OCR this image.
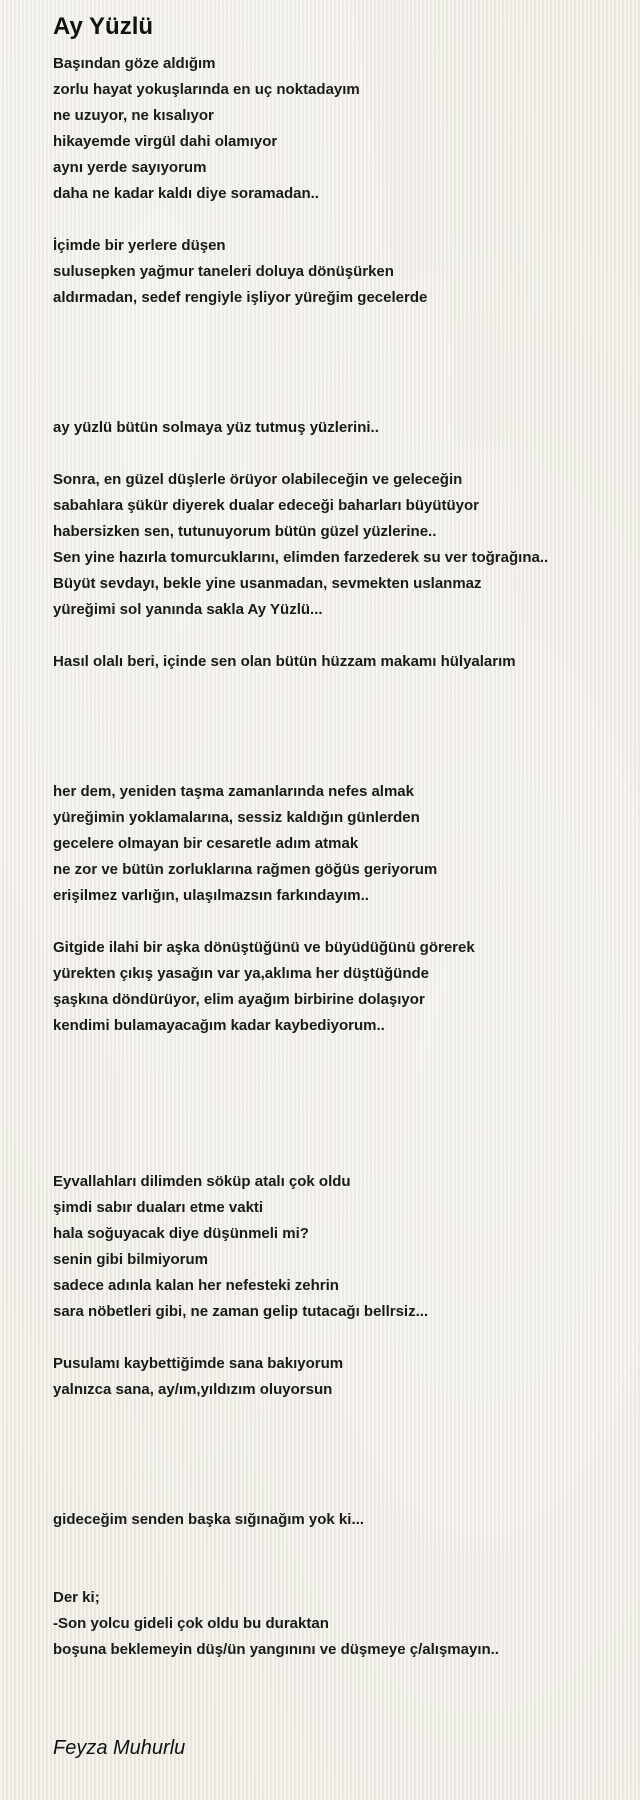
Ay Yüzlü
Başından göze aldığım
zorlu hayat yokuşlarında en uç noktadayım
ne uzuyor, ne kısalıyor
hikayemde virgül dahi olamıyor
aynı yerde sayıyorum
daha ne kadar kaldı diye soramadan..

İçimde bir yerlere düşen
sulusepken yağmur taneleri doluya dönüşürken
aldırmadan, sedef rengiyle işliyor yüreğim gecelerde

ay yüzlü bütün solmaya yüz tutmuş yüzlerini..

Sonra, en güzel düşlerle örüyor olabileceğin ve geleceğin
sabahlara şükür diyerek dualar edeceği baharları büyütüyor
habersizken sen, tutunuyorum bütün güzel yüzlerine..
Sen yine hazırla tomurcuklarını, elimden farzederek su ver toğrağına..
Büyüt sevdayı, bekle yine usanmadan, sevmekten uslanmaz
yüreğimi sol yanında sakla Ay Yüzlü...

Hasıl olalı beri, içinde sen olan bütün hüzzam makamı hülyalarım

her dem, yeniden taşma zamanlarında nefes almak
yüreğimin yoklamalarına, sessiz kaldığın günlerden
gecelere olmayan bir cesaretle adım atmak
ne zor ve bütün zorluklarına rağmen göğüs geriyorum
erişilmez varlığın, ulaşılmazsın farkındayım..

Gitgide ilahi bir aşka dönüştüğünü ve büyüdüğünü görerek
yürekten çıkış yasağın var ya,aklıma her düştüğünde
şaşkına döndürüyor, elim ayağım birbirine dolaşıyor
kendimi bulamayacağım kadar kaybediyorum..

Eyvallahları dilimden söküp atalı çok oldu
şimdi sabır duaları etme vakti
hala soğuyacak diye düşünmeli mi?
senin gibi bilmiyorum
sadece adınla kalan her nefesteki zehrin
sara nöbetleri gibi, ne zaman gelip tutacağı bellrsiz...

Pusulamı kaybettiğimde sana bakıyorum
yalnızca sana, ay/ım,yıldızım oluyorsun

gideceğim senden başka sığınağım yok ki...

Der ki;
-Son yolcu gideli çok oldu bu duraktan
boşuna beklemeyin düş/ün yangınını ve düşmeye ç/alışmayın..
Feyza Muhurlu
